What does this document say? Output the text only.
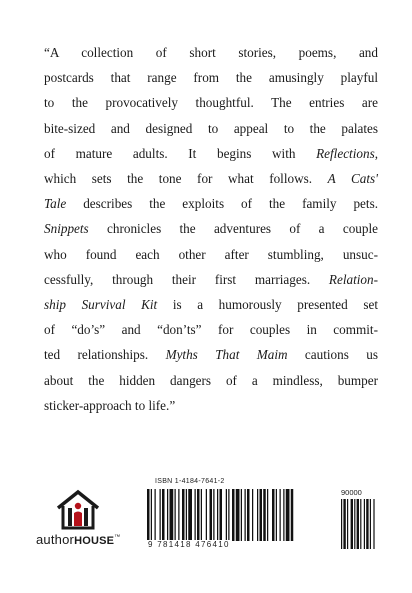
“A collection of short stories, poems, and
postcards that range from the amusingly playful
to the provocatively thoughtful. The entries are
bite-sized and designed to appeal to the palates
of mature adults. It begins with Reflections,
which sets the tone for what follows. A Cats'
Tale describes the exploits of the family pets.
Snippets chronicles the adventures of a couple
who found each other after stumbling, unsuc-
cessfully, through their first marriages. Relation-
ship Survival Kit is a humorously presented set
of “do’s” and “don’ts” for couples in commit-
ted relationships. Myths That Maim cautions us
about the hidden dangers of a mindless, bumper
sticker-approach to life.”
authorHOUSE™
ISBN 1-4184-7641-2
90000
9 781418 476410
